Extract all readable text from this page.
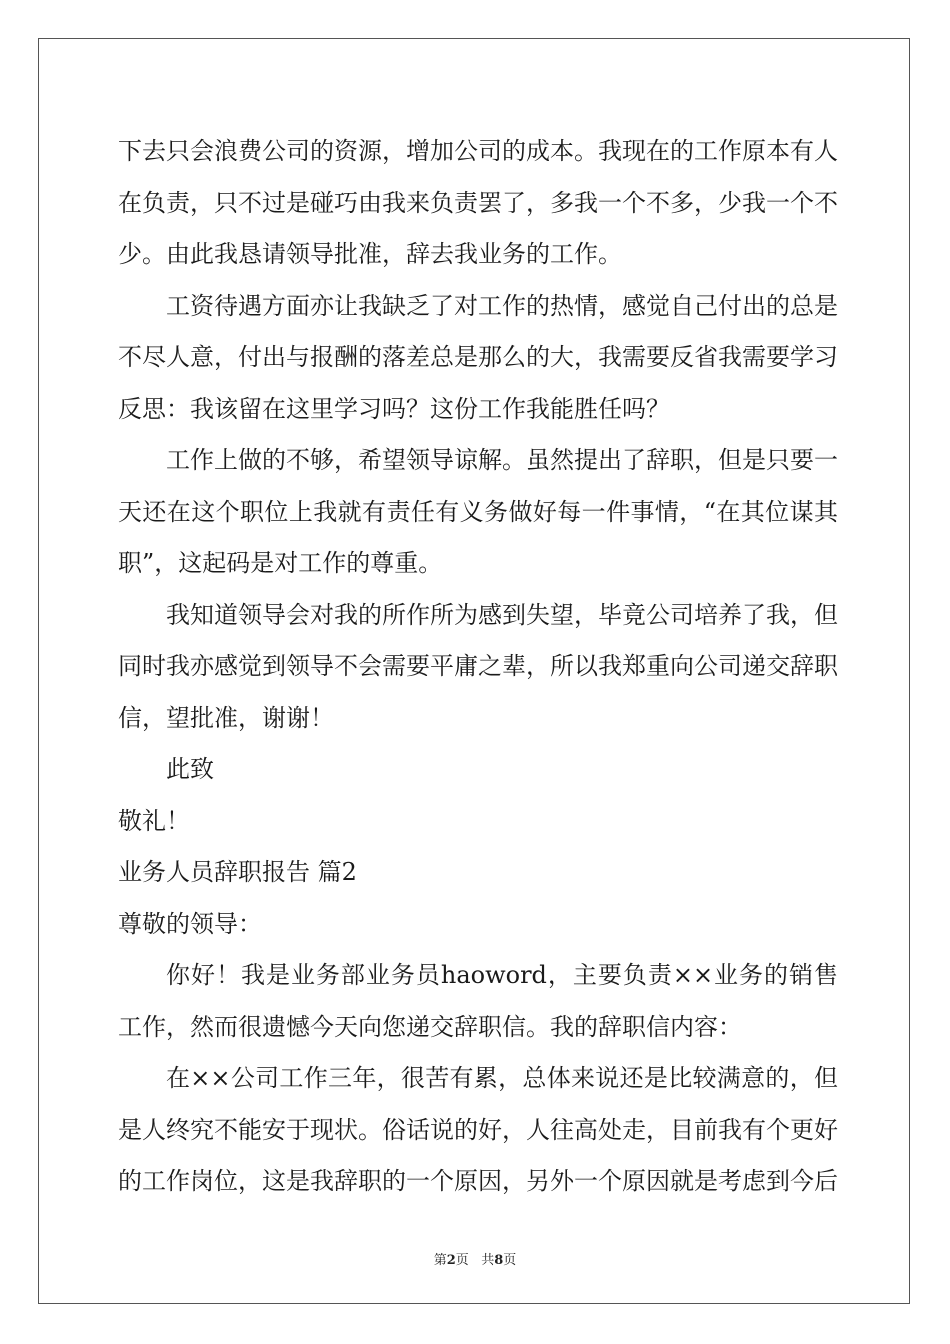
下去只会浪费公司的资源，增加公司的成本。我现在的工作原本有人在负责，只不过是碰巧由我来负责罢了，多我一个不多，少我一个不少。由此我恳请领导批准，辞去我业务的工作。

工资待遇方面亦让我缺乏了对工作的热情，感觉自己付出的总是不尽人意，付出与报酬的落差总是那么的大，我需要反省我需要学习反思：我该留在这里学习吗？这份工作我能胜任吗？

工作上做的不够，希望领导谅解。虽然提出了辞职，但是只要一天还在这个职位上我就有责任有义务做好每一件事情，“在其位谋其职”，这起码是对工作的尊重。

我知道领导会对我的所作所为感到失望，毕竟公司培养了我，但同时我亦感觉到领导不会需要平庸之辈，所以我郑重向公司递交辞职信，望批准，谢谢！

此致

敬礼！

业务人员辞职报告 篇2

尊敬的领导：

你好！我是业务部业务员haoword，主要负责××业务的销售工作，然而很遗憾今天向您递交辞职信。我的辞职信内容：

在××公司工作三年，很苦有累，总体来说还是比较满意的，但是人终究不能安于现状。俗话说的好，人往高处走，目前我有个更好的工作岗位，这是我辞职的一个原因，另外一个原因就是考虑到今后

第2页   共8页
